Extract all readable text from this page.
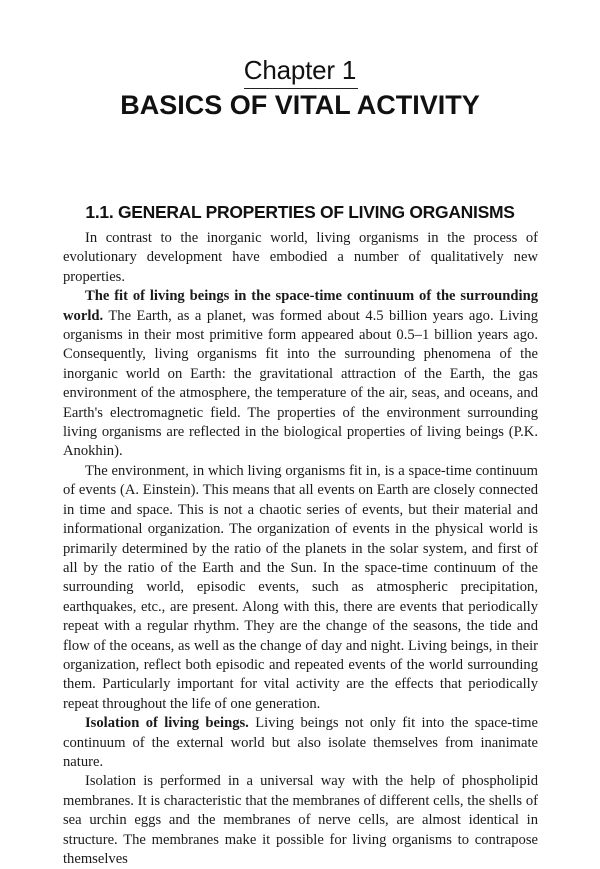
Chapter 1
BASICS OF VITAL ACTIVITY
1.1. GENERAL PROPERTIES OF LIVING ORGANISMS

In contrast to the inorganic world, living organisms in the process of evolutionary development have embodied a number of qualitatively new properties.

The fit of living beings in the space-time continuum of the surrounding world. The Earth, as a planet, was formed about 4.5 billion years ago. Living organisms in their most primitive form appeared about 0.5–1 billion years ago. Consequently, living organisms fit into the surrounding phenomena of the inorganic world on Earth: the gravitational attraction of the Earth, the gas environment of the atmosphere, the temperature of the air, seas, and oceans, and Earth's electromagnetic field. The properties of the environment surrounding living organisms are reflected in the biological properties of living beings (P.K. Anokhin).

The environment, in which living organisms fit in, is a space-time continuum of events (A. Einstein). This means that all events on Earth are closely connected in time and space. This is not a chaotic series of events, but their material and informational organization. The organization of events in the physical world is primarily determined by the ratio of the planets in the solar system, and first of all by the ratio of the Earth and the Sun. In the space-time continuum of the surrounding world, episodic events, such as atmospheric precipitation, earthquakes, etc., are present. Along with this, there are events that periodically repeat with a regular rhythm. They are the change of the seasons, the tide and flow of the oceans, as well as the change of day and night. Living beings, in their organization, reflect both episodic and repeated events of the world surrounding them. Particularly important for vital activity are the effects that periodically repeat throughout the life of one generation.

Isolation of living beings. Living beings not only fit into the space-time continuum of the external world but also isolate themselves from inanimate nature.

Isolation is performed in a universal way with the help of phospholipid membranes. It is characteristic that the membranes of different cells, the shells of sea urchin eggs and the membranes of nerve cells, are almost identical in structure. The membranes make it possible for living organisms to contrapose themselves
